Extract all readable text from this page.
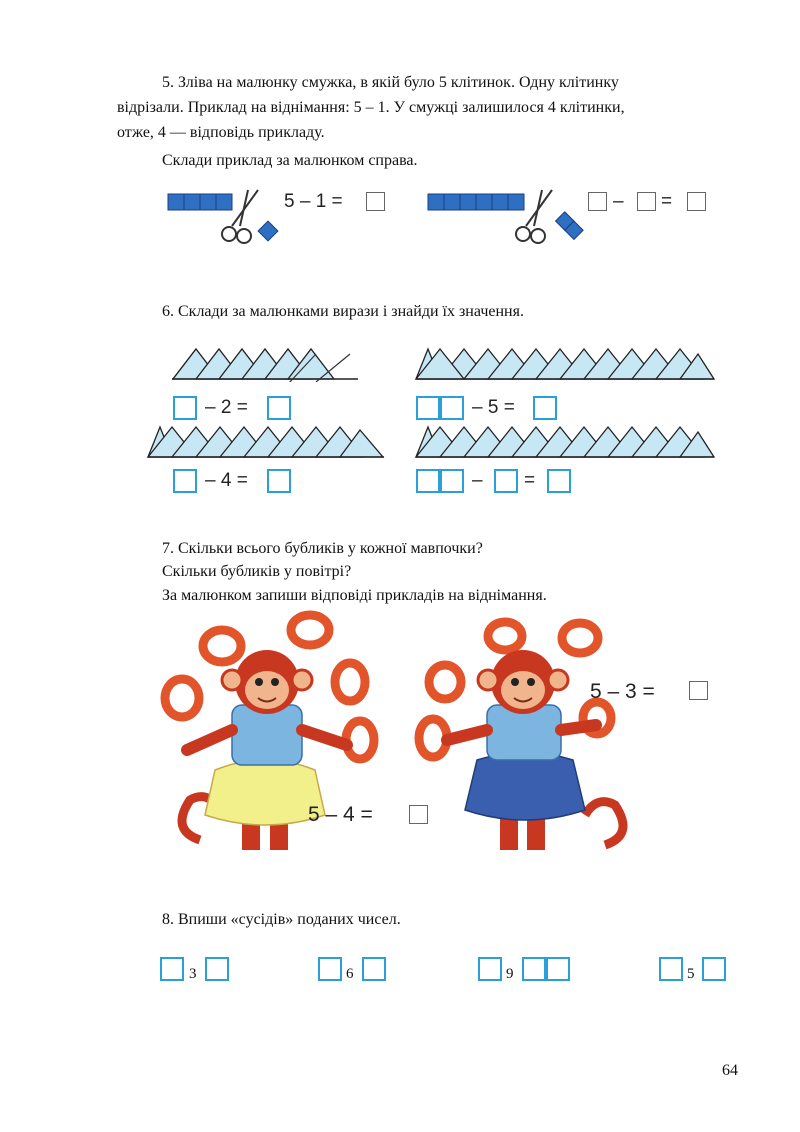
5. Зліва на малюнку смужка, в якій було 5 клітинок. Одну клітинку
відрізали. Приклад на віднімання: 5 – 1. У смужці залишилося 4 клітинки,
отже, 4 — відповідь прикладу.
Склади приклад за малюнком справа.
5 – 1 =	– =
6. Склади за малюнками вирази і знайди їх значення.
– 2 =	– 5 =
– 4 =	– =
7. Скільки всього бубликів у кожної мавпочки?
Скільки бубликів у повітрі?
За малюнком запиши відповіді прикладів на віднімання.
5 – 4 =
5 – 3 =
8. Впиши «сусідів» поданих чисел.
3	6	9	5
64
